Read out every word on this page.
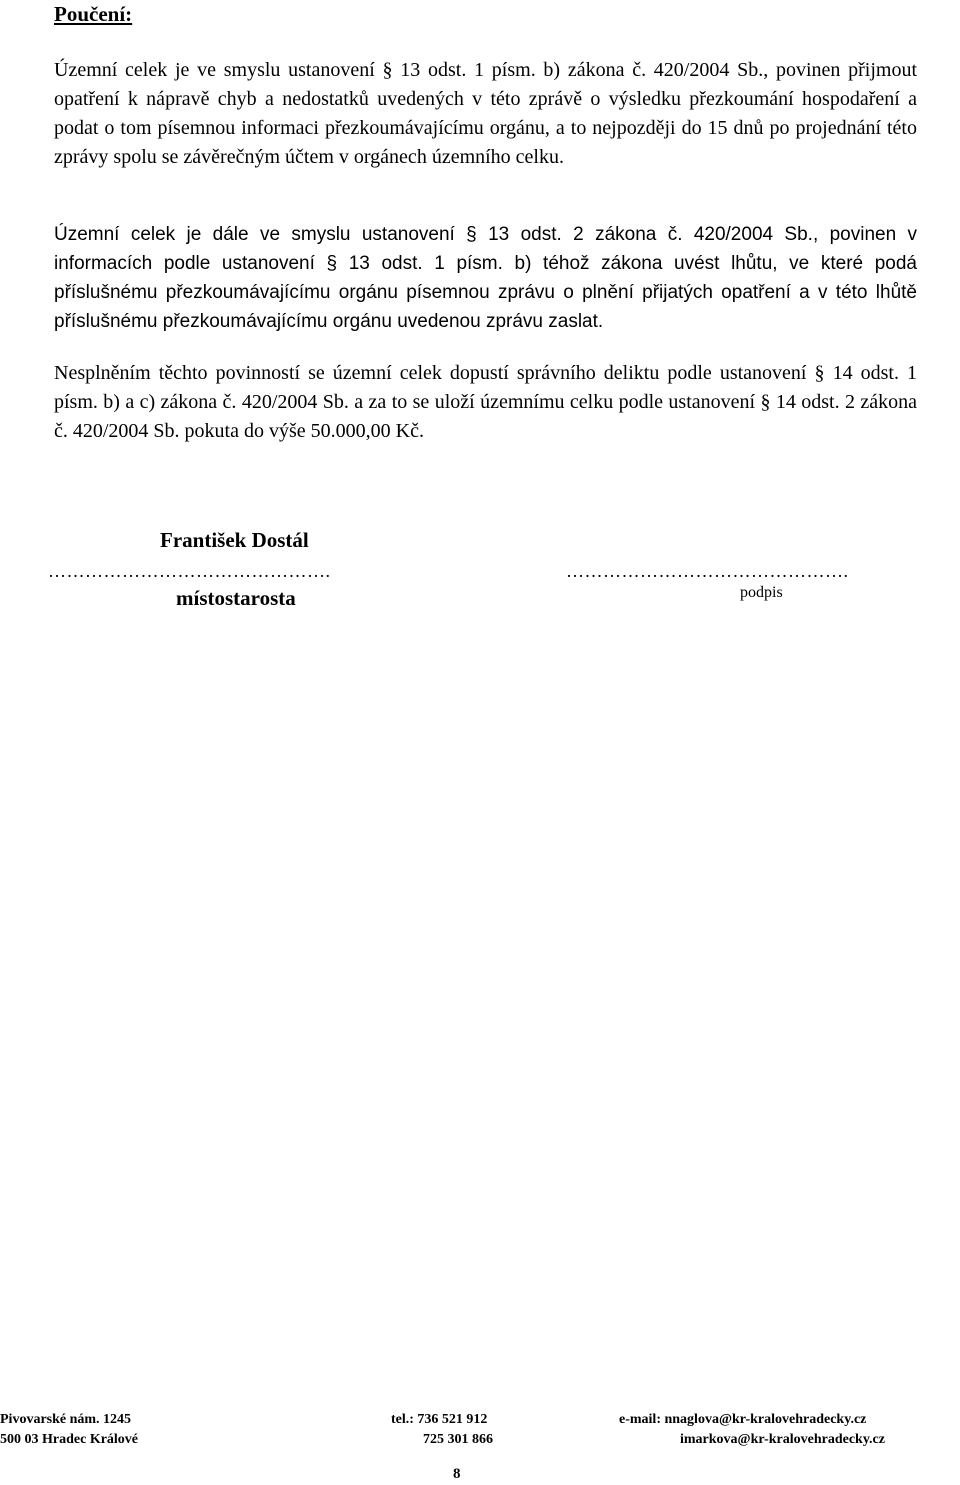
Poučení:

Územní celek je ve smyslu ustanovení § 13 odst. 1 písm. b) zákona č. 420/2004 Sb., povinen přijmout opatření k nápravě chyb a nedostatků uvedených v této zprávě o výsledku přezkoumání hospodaření a podat o tom písemnou informaci přezkoumávajícímu orgánu, a to nejpozději do 15 dnů po projednání této zprávy spolu se závěrečným účtem v orgánech územního celku.

Územní celek je dále ve smyslu ustanovení § 13 odst. 2 zákona č. 420/2004 Sb., povinen v informacích podle ustanovení § 13 odst. 1 písm. b) téhož zákona uvést lhůtu, ve které podá příslušnému přezkoumávajícímu orgánu písemnou zprávu o plnění přijatých opatření a v této lhůtě příslušnému přezkoumávajícímu orgánu uvedenou zprávu zaslat.

Nesplněním těchto povinností se územní celek dopustí správního deliktu podle ustanovení § 14 odst. 1 písm. b) a c) zákona č. 420/2004 Sb. a za to se uloží územnímu celku podle ustanovení § 14 odst. 2 zákona č. 420/2004 Sb. pokuta do výše 50.000,00 Kč.

František Dostál
……………………………………….	……………………………………….
místostarosta	podpis
Pivovarské nám. 1245
500 03 Hradec Králové
tel.: 736 521 912
725 301 866
e-mail: nnaglova@kr-kralovehradecky.cz
imarkova@kr-kralovehradecky.cz
8
